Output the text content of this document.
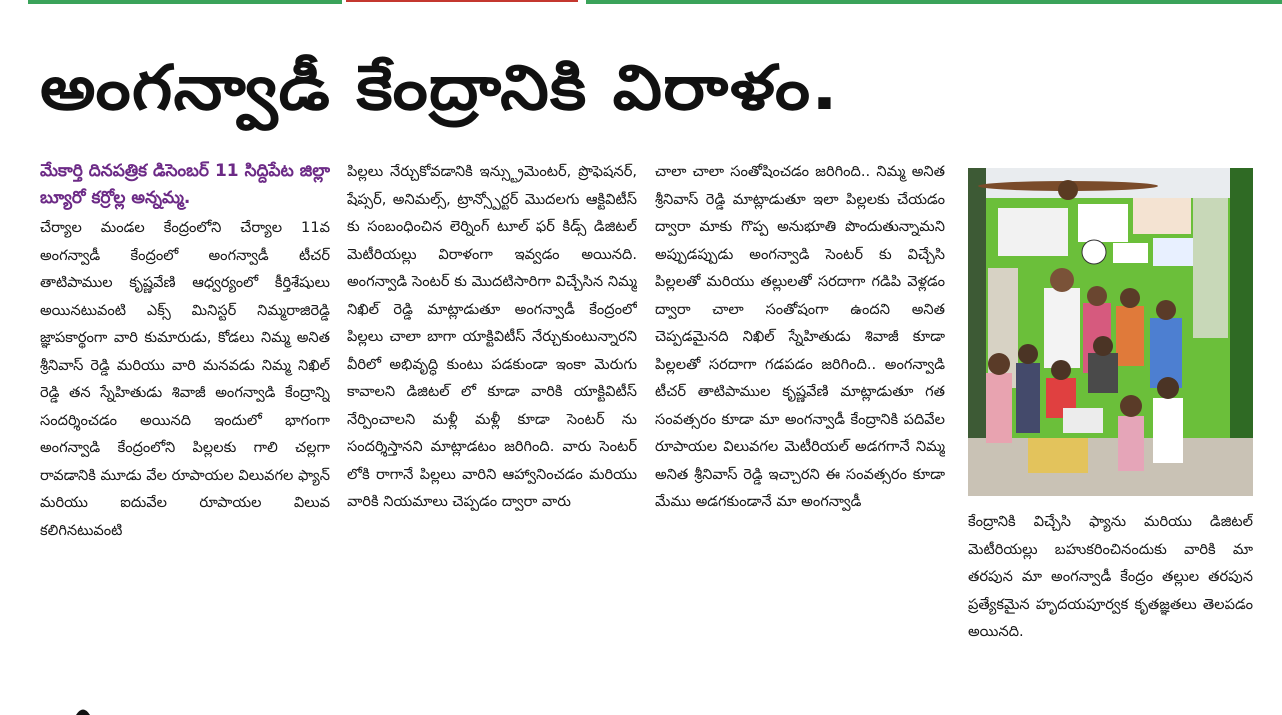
అంగన్వాడీ కేంద్రానికి విరాళం.

మేకార్తి దినపత్రిక డిసెంబర్ 11 సిద్దిపేట జిల్లా బ్యూరో కర్రోల్ల అన్నమ్మ.

చేర్యాల మండల కేంద్రంలోని చేర్యాల 11వ అంగన్వాడీ కేంద్రంలో అంగన్వాడీ టీచర్ తాటిపాముల కృష్ణవేణి ఆధ్వర్యంలో కీర్తిశేషులు అయినటువంటి ఎక్స్ మినిస్టర్ నిమ్మరాజిరెడ్డి జ్ఞాపకార్థంగా వారి కుమారుడు, కోడలు నిమ్మ అనిత శ్రీనివాస్ రెడ్డి మరియు వారి మనవడు నిమ్మ నిఖిల్ రెడ్డి తన స్నేహితుడు శివాజీ అంగన్వాడి కేంద్రాన్ని సందర్శించడం అయినది ఇందులో భాగంగా అంగన్వాడి కేంద్రంలోని పిల్లలకు గాలి చల్లగా రావడానికి మూడు వేల రూపాయల విలువగల ఫ్యాన్ మరియు ఐదువేల రూపాయల విలువ కలిగినటువంటి
పిల్లలు నేర్చుకోవడానికి ఇన్స్ట్రుమెంటర్, ప్రొఫెషనర్, షేప్సర్, అనిమల్స్, ట్రాన్స్పోర్టర్ మొదలగు ఆక్టివిటీస్ కు సంబంధించిన లెర్నింగ్ టూల్ ఫర్ కిడ్స్ డిజిటల్ మెటీరియల్లు విరాళంగా ఇవ్వడం అయినది. అంగన్వాడి సెంటర్ కు మొదటిసారిగా విచ్చేసిన నిమ్మ నిఖిల్ రెడ్డి మాట్లాడుతూ అంగన్వాడీ కేంద్రంలో పిల్లలు చాలా బాగా యాక్టివిటీస్ నేర్చుకుంటున్నారని వీరిలో అభివృద్ధి కుంటు పడకుండా ఇంకా మెరుగు కావాలని డిజిటల్ లో కూడా వారికి యాక్టివిటీస్ నేర్పించాలని మళ్లీ మళ్లీ కూడా సెంటర్ ను సందర్శిస్తానని మాట్లాడటం జరిగింది. వారు సెంటర్ లోకి రాగానే పిల్లలు వారిని ఆహ్వానించడం మరియు వారికి నియమాలు చెప్పడం ద్వారా వారు
చాలా చాలా సంతోషించడం జరిగింది.. నిమ్మ అనిత శ్రీనివాస్ రెడ్డి మాట్లాడుతూ ఇలా పిల్లలకు చేయడం ద్వారా మాకు గొప్ప అనుభూతి పొందుతున్నామని అప్పుడప్పుడు అంగన్వాడి సెంటర్ కు విచ్చేసి పిల్లలతో మరియు తల్లులతో సరదాగా గడిపి వెళ్లడం ద్వారా చాలా సంతోషంగా ఉందని అనిత చెప్పడమైనది నిఖిల్ స్నేహితుడు శివాజీ కూడా పిల్లలతో సరదాగా గడపడం జరిగింది.. అంగన్వాడి టీచర్ తాటిపాముల కృష్ణవేణి మాట్లాడుతూ గత సంవత్సరం కూడా మా అంగన్వాడీ కేంద్రానికి పదివేల రూపాయల విలువగల మెటీరియల్ అడగగానే నిమ్మ అనిత శ్రీనివాస్ రెడ్డి ఇచ్చారని ఈ సంవత్సరం కూడా మేము అడగకుండానే మా అంగన్వాడీ
కేంద్రానికి విచ్చేసి ఫ్యాను మరియు డిజిటల్ మెటీరియల్లు బహుకరించినందుకు వారికి మా తరపున మా అంగన్వాడీ కేంద్రం తల్లుల తరపున ప్రత్యేకమైన హృదయపూర్వక కృతజ్ఞతలు తెలపడం అయినది.
